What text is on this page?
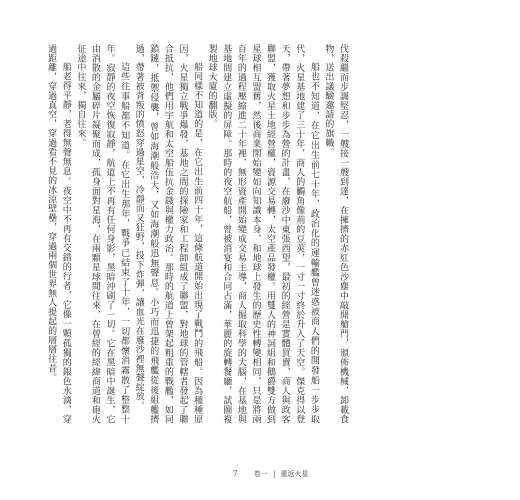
伐殺繼而步調堅忍，一艘接一艘到達，在擁擠的赤紅色沙塵中敲開艙門，頒佈機械，卸載食物，送出議驗邀請的旗幟。

船也不知道，在它出生前七十年，政治化的運輸艦曾迷惑被商人們的開發船一步步取代，火星基地建了三十年，商人的觸角像荊的豆莢，一寸一寸終於升入了天空。傑克得以登天，帶著夢想和步步為營的計畫，在廢沙中東張西望，最初的經營是實體買賣，商人與政客聯盟，獲取火星土地經營權，資源交易轉，太空產品發權。用雙人的神詞組和鵝爵雙方做到星球相互盟舊，然後商業開始變如向知識本身，和地球上發生的歷史性轉變相同，只是將兩百年的過程壓縮進二十年裡，無形資產開始變成交易主導，商人掘取科學的大腦，在基地與基地間建立虛擬的屏障。那時的夜空航船，曾被消宴和合同占滿，華麗的旋轉餐廳，試圖複製地球大廈的翻版。

船同樣不知道的是，在它出生前四十年，這條航道開始出現了戰鬥的飛船。因為種種原因，火星獨立戰爭爆發，基地之間的探險家和工程師組成了聯盟，對地球的管轄者發起了聯合抵抗，他們用宇航和太空船伍抗金錢與權力政治。那時的航道上曾架起粗重的戰艦，如同鎖鏈，抵禦侵襲，曾如海潮般浩大，又如海潮般迅無聲息。小巧而迅捷的飛艦從後組艦擠過，帶著被背叛的憤怒穿過星空，冷靜而又狂野，投下炸彈，讓血光在廢沙裡無聲綻放。

這些往事船都不知道。在它出生那年，戰爭已結束了十年，一切都懷消霧散了整整十年。寂靜的夜空恢復寂靜，航道上不再有任何身影，黑暗沖刷了一切。它在黑暗中誕生，它由消散的金屬碎片凝聚而成，孤身面對星海，在兩顆星球間往來，在曾經的經緯商道和砲火征途中往來，獨自往來。

船老得平靜，老得無聲無息。夜空中不再有交錯的行者，它像一顆孤獨的銀色水滴，穿過距離，穿過真空，穿過看不見的冰涼壁壘，穿過兩個世界無人提起的層層往昔。

7 卷一 | 重返火星
